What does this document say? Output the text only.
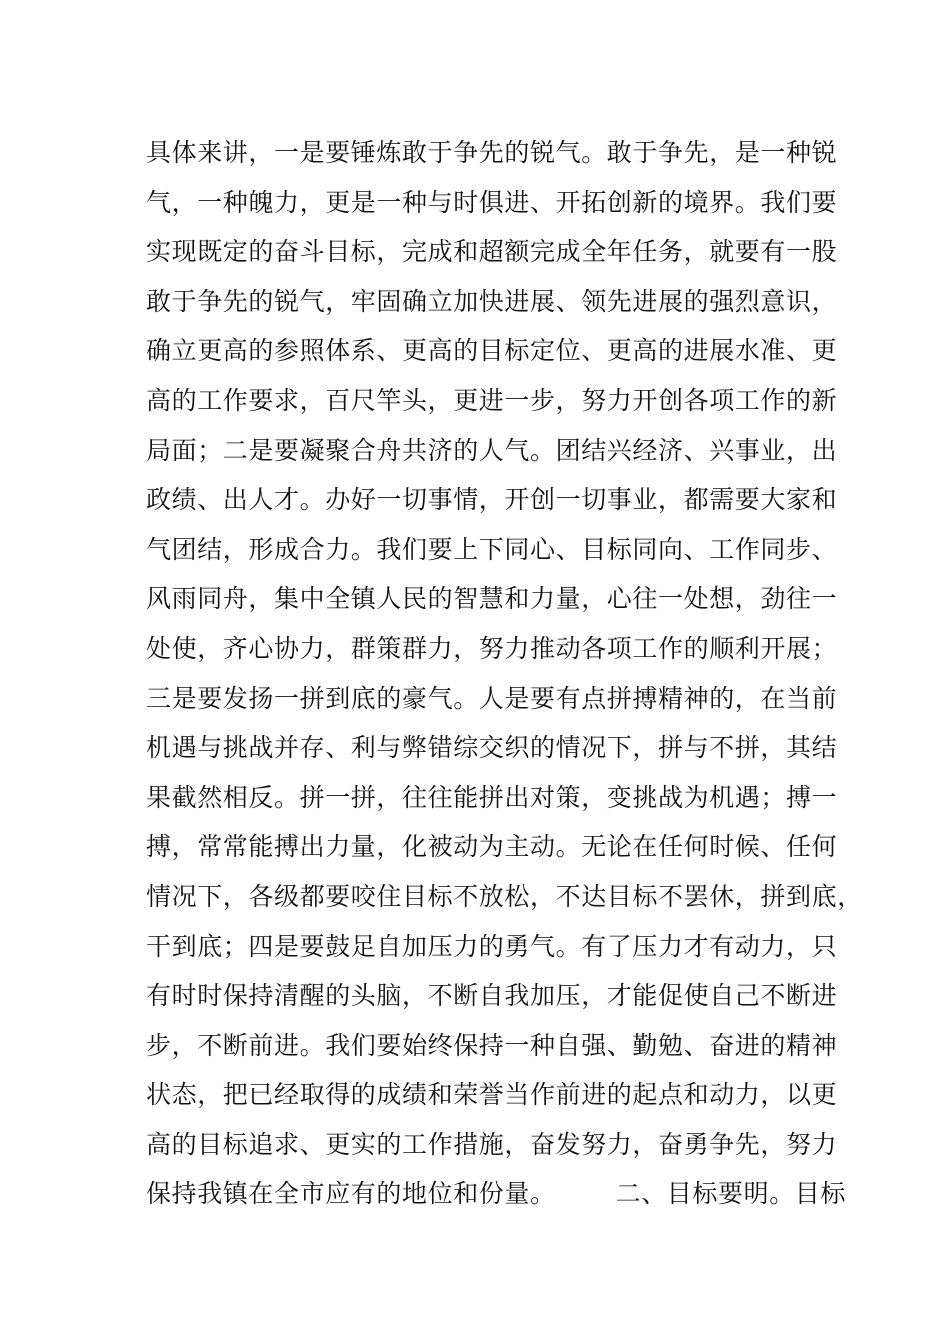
具体来讲，一是要锤炼敢于争先的锐气。敢于争先，是一种锐
气，一种魄力，更是一种与时俱进、开拓创新的境界。我们要
实现既定的奋斗目标，完成和超额完成全年任务，就要有一股
敢于争先的锐气，牢固确立加快进展、领先进展的强烈意识，
确立更高的参照体系、更高的目标定位、更高的进展水准、更
高的工作要求，百尺竿头，更进一步，努力开创各项工作的新
局面；二是要凝聚合舟共济的人气。团结兴经济、兴事业，出
政绩、出人才。办好一切事情，开创一切事业，都需要大家和
气团结，形成合力。我们要上下同心、目标同向、工作同步、
风雨同舟，集中全镇人民的智慧和力量，心往一处想，劲往一
处使，齐心协力，群策群力，努力推动各项工作的顺利开展；
三是要发扬一拼到底的豪气。人是要有点拼搏精神的，在当前
机遇与挑战并存、利与弊错综交织的情况下，拼与不拼，其结
果截然相反。拼一拼，往往能拼出对策，变挑战为机遇；搏一
搏，常常能搏出力量，化被动为主动。无论在任何时候、任何
情况下，各级都要咬住目标不放松，不达目标不罢休，拼到底，
干到底；四是要鼓足自加压力的勇气。有了压力才有动力，只
有时时保持清醒的头脑，不断自我加压，才能促使自己不断进
步，不断前进。我们要始终保持一种自强、勤勉、奋进的精神
状态，把已经取得的成绩和荣誉当作前进的起点和动力，以更
高的目标追求、更实的工作措施，奋发努力，奋勇争先，努力
保持我镇在全市应有的地位和份量。 二、目标要明。目标
